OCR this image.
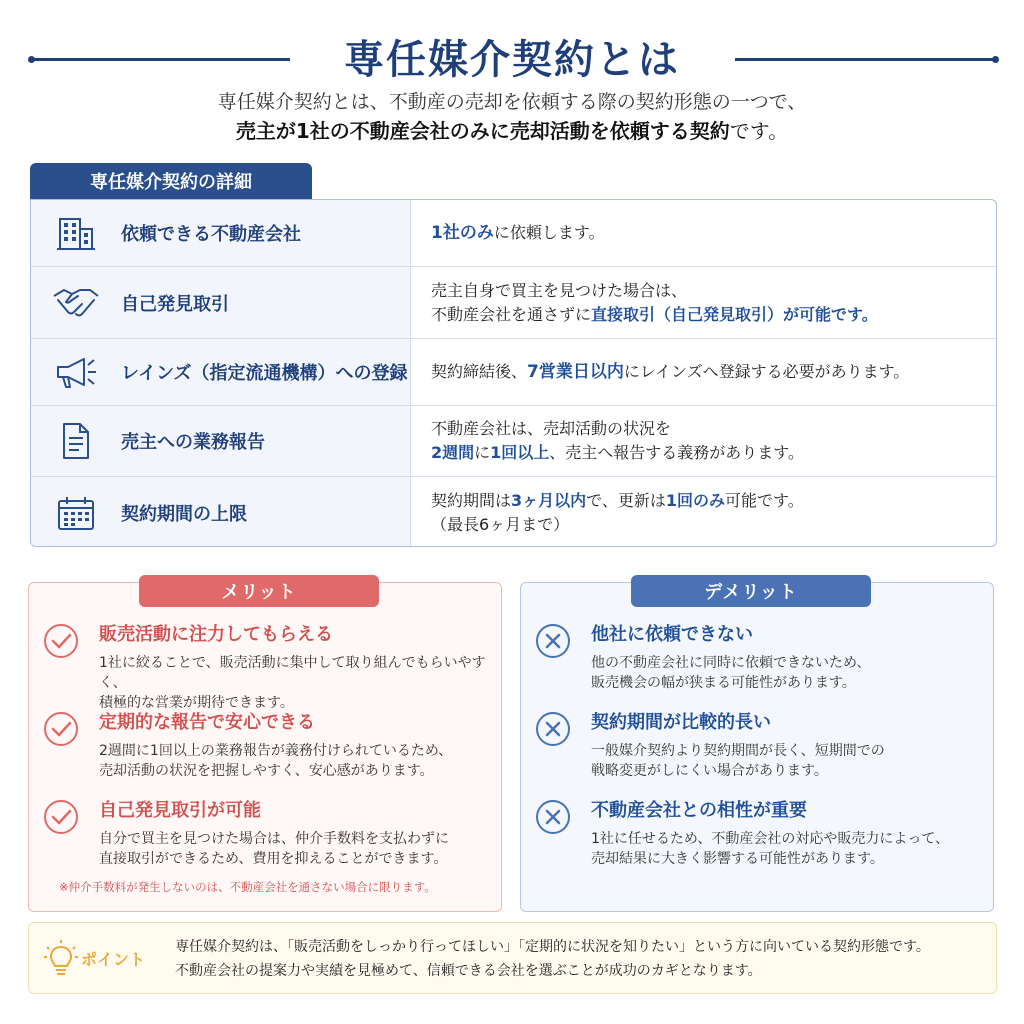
専任媒介契約とは
専任媒介契約とは、不動産の売却を依頼する際の契約形態の一つで、
売主が1社の不動産会社のみに売却活動を依頼する契約です。
専任媒介契約の詳細
依頼できる不動産会社	1社のみに依頼します。
自己発見取引
売主自身で買主を見つけた場合は、
不動産会社を通さずに直接取引（自己発見取引）が可能です。
レインズ（指定流通機構）への登録 契約締結後、7営業日以内にレインズへ登録する必要があります。
売主への業務報告
不動産会社は、売却活動の状況を
2週間に1回以上、売主へ報告する義務があります。
契約期間の上限
契約期間は3ヶ月以内で、更新は1回のみ可能です。
（最長6ヶ月まで）
メリット
販売活動に注力してもらえる
1社に絞ることで、販売活動に集中して取り組んでもらいやすく、
積極的な営業が期待できます。
定期的な報告で安心できる
2週間に1回以上の業務報告が義務付けられているため、
売却活動の状況を把握しやすく、安心感があります。
自己発見取引が可能
自分で買主を見つけた場合は、仲介手数料を支払わずに
直接取引ができるため、費用を抑えることができます。
※仲介手数料が発生しないのは、不動産会社を通さない場合に限ります。
デメリット
他社に依頼できない
他の不動産会社に同時に依頼できないため、
販売機会の幅が狭まる可能性があります。
契約期間が比較的長い
一般媒介契約より契約期間が長く、短期間での
戦略変更がしにくい場合があります。
不動産会社との相性が重要
1社に任せるため、不動産会社の対応や販売力によって、
売却結果に大きく影響する可能性があります。
ポイント
専任媒介契約は、「販売活動をしっかり行ってほしい」「定期的に状況を知りたい」という方に向いている契約形態です。
不動産会社の提案力や実績を見極めて、信頼できる会社を選ぶことが成功のカギとなります。
